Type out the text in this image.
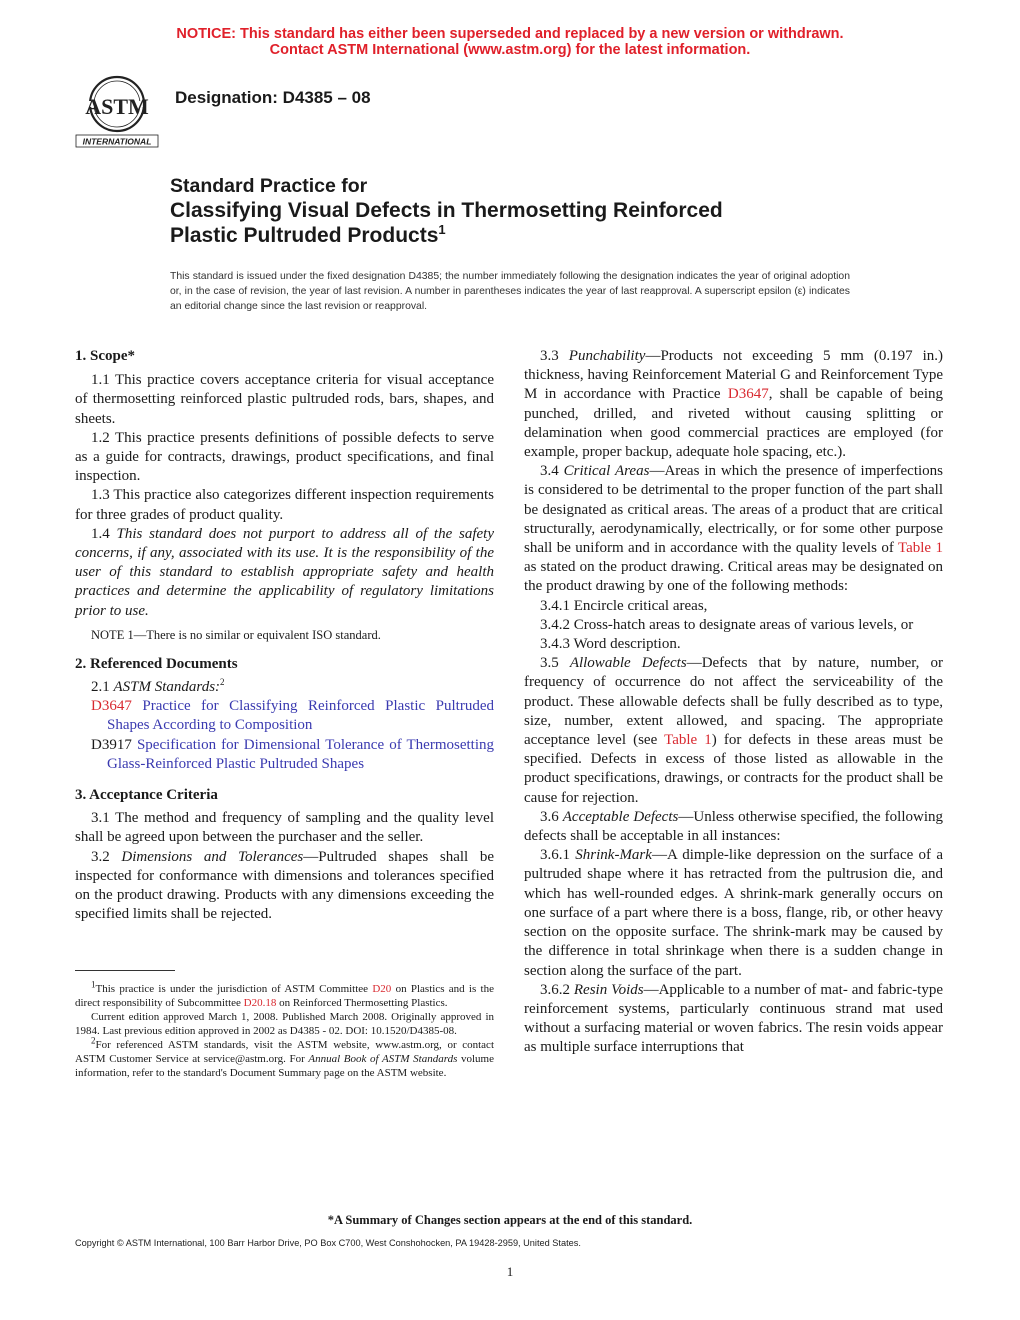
NOTICE: This standard has either been superseded and replaced by a new version or withdrawn.
Contact ASTM International (www.astm.org) for the latest information.
ASTM
INTERNATIONAL
Designation: D4385 – 08
Standard Practice for
Classifying Visual Defects in Thermosetting Reinforced
Plastic Pultruded Products$^1$
This standard is issued under the fixed designation D4385; the number immediately following the designation indicates the year of original adoption or, in the case of revision, the year of last revision. A number in parentheses indicates the year of last reapproval. A superscript epsilon (ε) indicates an editorial change since the last revision or reapproval.

1. Scope*

1.1 This practice covers acceptance criteria for visual acceptance of thermosetting reinforced plastic pultruded rods, bars, shapes, and sheets.

1.2 This practice presents definitions of possible defects to serve as a guide for contracts, drawings, product specifications, and final inspection.

1.3 This practice also categorizes different inspection requirements for three grades of product quality.

1.4 This standard does not purport to address all of the safety concerns, if any, associated with its use. It is the responsibility of the user of this standard to establish appropriate safety and health practices and determine the applicability of regulatory limitations prior to use.

NOTE 1—There is no similar or equivalent ISO standard.

2. Referenced Documents

2.1 ASTM Standards:$^2$

D3647 Practice for Classifying Reinforced Plastic Pultruded Shapes According to Composition

D3917 Specification for Dimensional Tolerance of Thermosetting Glass-Reinforced Plastic Pultruded Shapes

3. Acceptance Criteria

3.1 The method and frequency of sampling and the quality level shall be agreed upon between the purchaser and the seller.

3.2 Dimensions and Tolerances—Pultruded shapes shall be inspected for conformance with dimensions and tolerances specified on the product drawing. Products with any dimensions exceeding the specified limits shall be rejected.

$^1$This practice is under the jurisdiction of ASTM Committee D20 on Plastics and is the direct responsibility of Subcommittee D20.18 on Reinforced Thermosetting Plastics.

Current edition approved March 1, 2008. Published March 2008. Originally approved in 1984. Last previous edition approved in 2002 as D4385 - 02. DOI: 10.1520/D4385-08.

$^2$For referenced ASTM standards, visit the ASTM website, www.astm.org, or contact ASTM Customer Service at service@astm.org. For Annual Book of ASTM Standards volume information, refer to the standard's Document Summary page on the ASTM website.

3.3 Punchability—Products not exceeding 5 mm (0.197 in.) thickness, having Reinforcement Material G and Reinforcement Type M in accordance with Practice D3647, shall be capable of being punched, drilled, and riveted without causing splitting or delamination when good commercial practices are employed (for example, proper backup, adequate hole spacing, etc.).

3.4 Critical Areas—Areas in which the presence of imperfections is considered to be detrimental to the proper function of the part shall be designated as critical areas. The areas of a product that are critical structurally, aerodynamically, electrically, or for some other purpose shall be uniform and in accordance with the quality levels of Table 1 as stated on the product drawing. Critical areas may be designated on the product drawing by one of the following methods:

3.4.1 Encircle critical areas,

3.4.2 Cross-hatch areas to designate areas of various levels, or

3.4.3 Word description.

3.5 Allowable Defects—Defects that by nature, number, or frequency of occurrence do not affect the serviceability of the product. These allowable defects shall be fully described as to type, size, number, extent allowed, and spacing. The appropriate acceptance level (see Table 1) for defects in these areas must be specified. Defects in excess of those listed as allowable in the product specifications, drawings, or contracts for the product shall be cause for rejection.

3.6 Acceptable Defects—Unless otherwise specified, the following defects shall be acceptable in all instances:

3.6.1 Shrink-Mark—A dimple-like depression on the surface of a pultruded shape where it has retracted from the pultrusion die, and which has well-rounded edges. A shrink-mark generally occurs on one surface of a part where there is a boss, flange, rib, or other heavy section on the opposite surface. The shrink-mark may be caused by the difference in total shrinkage when there is a sudden change in section along the surface of the part.

3.6.2 Resin Voids—Applicable to a number of mat- and fabric-type reinforcement systems, particularly continuous strand mat used without a surfacing material or woven fabrics. The resin voids appear as multiple surface interruptions that

*A Summary of Changes section appears at the end of this standard.
Copyright © ASTM International, 100 Barr Harbor Drive, PO Box C700, West Conshohocken, PA 19428-2959, United States.
1
